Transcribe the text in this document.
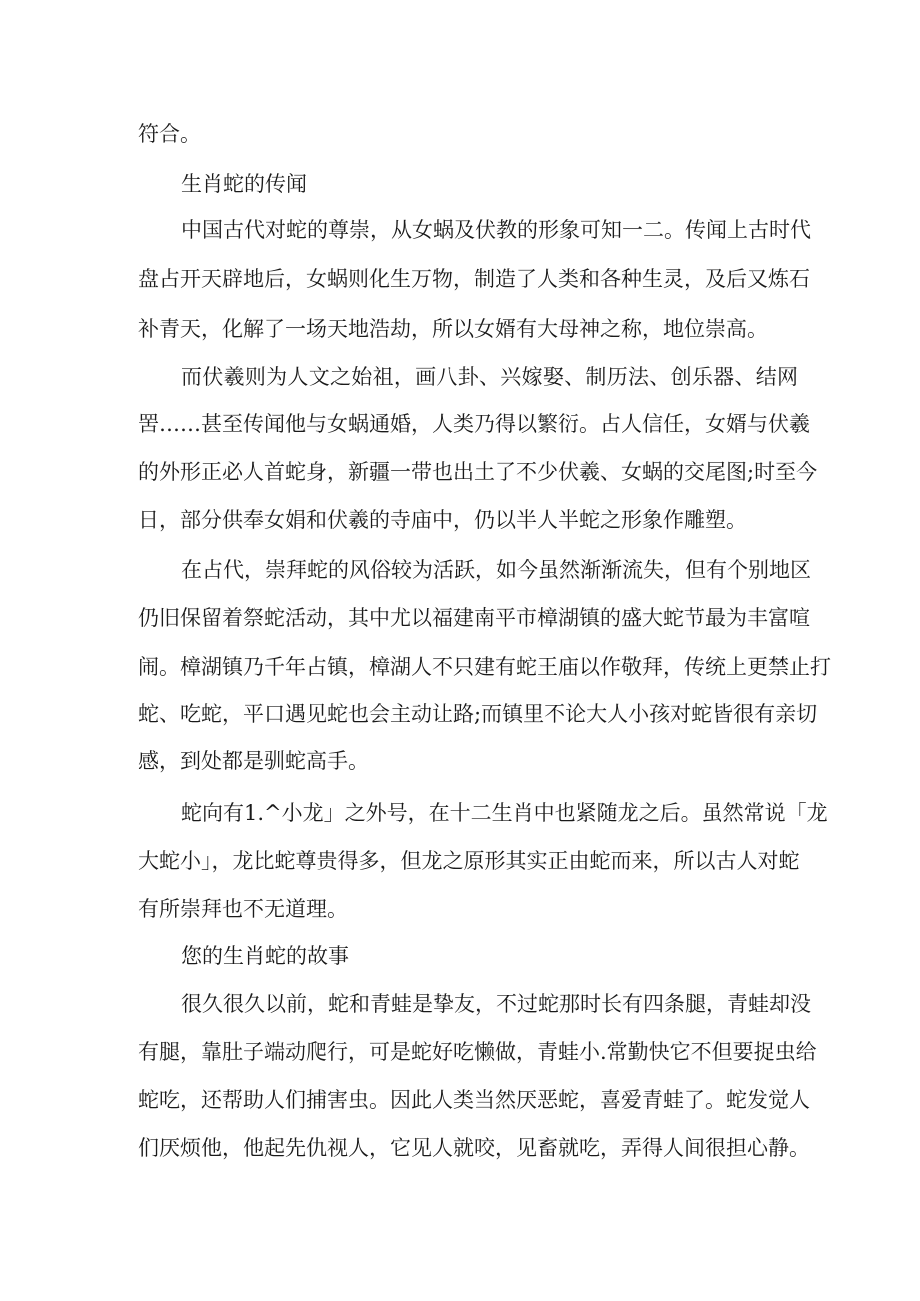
符合。
生肖蛇的传闻
中国古代对蛇的尊崇，从女蜗及伏教的形象可知一二。传闻上古时代
盘占开天辟地后，女蜗则化生万物，制造了人类和各种生灵，及后又炼石
补青天，化解了一场天地浩劫，所以女婿有大母神之称，地位崇高。
而伏羲则为人文之始祖，画八卦、兴嫁娶、制历法、创乐器、结网
罟……甚至传闻他与女蜗通婚，人类乃得以繁衍。占人信任，女婿与伏羲
的外形正必人首蛇身，新疆一带也出土了不少伏羲、女蜗的交尾图;时至今
日，部分供奉女娟和伏羲的寺庙中，仍以半人半蛇之形象作雕塑。
在占代，崇拜蛇的风俗较为活跃，如今虽然渐渐流失，但有个别地区
仍旧保留着祭蛇活动，其中尤以福建南平市樟湖镇的盛大蛇节最为丰富喧
闹。樟湖镇乃千年占镇，樟湖人不只建有蛇王庙以作敬拜，传统上更禁止打
蛇、吃蛇，平口遇见蛇也会主动让路;而镇里不论大人小孩对蛇皆很有亲切
感，到处都是驯蛇高手。
蛇向有1.^小龙」之外号，在十二生肖中也紧随龙之后。虽然常说「龙
大蛇小」，龙比蛇尊贵得多，但龙之原形其实正由蛇而来，所以古人对蛇
有所崇拜也不无道理。
您的生肖蛇的故事
很久很久以前，蛇和青蛙是挚友，不过蛇那时长有四条腿，青蛙却没
有腿，靠肚子端动爬行，可是蛇好吃懒做，青蛙小.常勤快它不但要捉虫给
蛇吃，还帮助人们捕害虫。因此人类当然厌恶蛇，喜爱青蛙了。蛇发觉人
们厌烦他，他起先仇视人，它见人就咬，见畜就吃，弄得人间很担心静。
